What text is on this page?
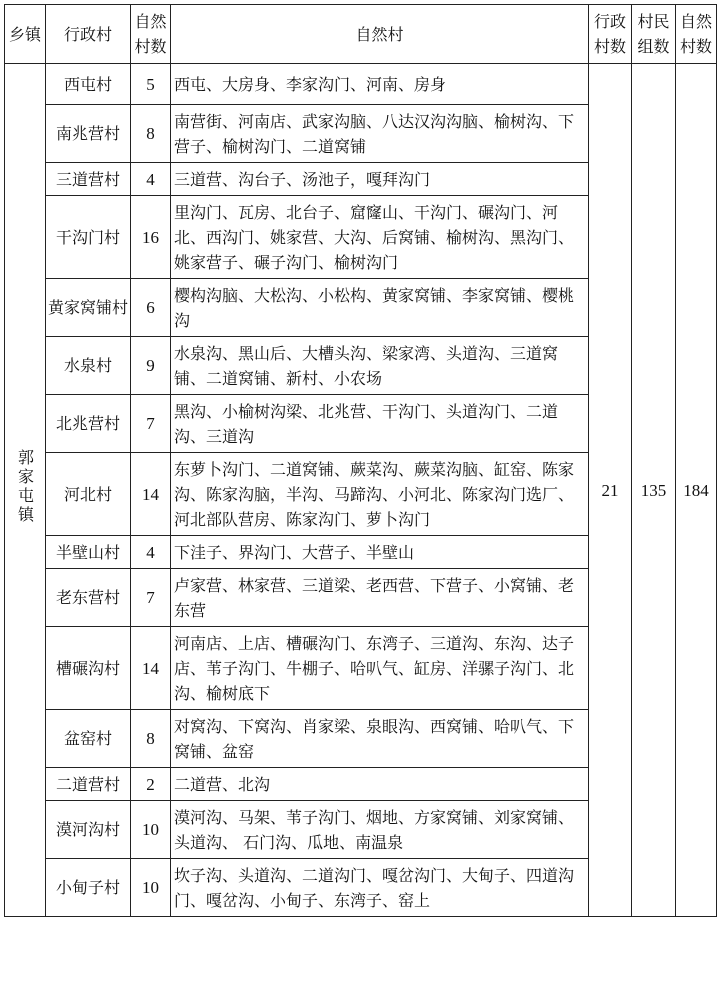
乡镇	行政村	自然村数	自然村	行政村数	村民组数	自然村数
郭家屯镇	西屯村	5	西屯、大房身、李家沟门、河南、房身	21	135	184
	南兆营村	8	南营街、河南店、武家沟脑、八达汉沟沟脑、榆树沟、下营子、榆树沟门、二道窝铺			
	三道营村	4	三道营、沟台子、汤池子，嘎拜沟门			
	干沟门村	16	里沟门、瓦房、北台子、窟窿山、干沟门、碾沟门、河北、西沟门、姚家营、大沟、后窝铺、榆树沟、黑沟门、姚家营子、碾子沟门、榆树沟门			
	黄家窝铺村	6	樱构沟脑、大松沟、小松构、黄家窝铺、李家窝铺、樱桃沟			
	水泉村	9	水泉沟、黑山后、大槽头沟、梁家湾、头道沟、三道窝铺、二道窝铺、新村、小农场			
	北兆营村	7	黑沟、小榆树沟梁、北兆营、干沟门、头道沟门、二道沟、三道沟			
	河北村	14	东萝卜沟门、二道窝铺、蕨菜沟、蕨菜沟脑、缸窑、陈家沟、陈家沟脑，半沟、马蹄沟、小河北、陈家沟门选厂、河北部队营房、陈家沟门、萝卜沟门			
	半壁山村	4	下洼子、界沟门、大营子、半壁山			
	老东营村	7	卢家营、林家营、三道梁、老西营、下营子、小窝铺、老东营			
	槽碾沟村	14	河南店、上店、槽碾沟门、东湾子、三道沟、东沟、达子店、苇子沟门、牛棚子、哈叭气、缸房、洋骡子沟门、北沟、榆树底下			
	盆窑村	8	对窝沟、下窝沟、肖家梁、泉眼沟、西窝铺、哈叭气、下窝铺、盆窑			
	二道营村	2	二道营、北沟			
	漠河沟村	10	漠河沟、马架、苇子沟门、烟地、方家窝铺、刘家窝铺、头道沟、 石门沟、瓜地、南温泉			
	小甸子村	10	坎子沟、头道沟、二道沟门、嘎岔沟门、大甸子、四道沟门、嘎岔沟、小甸子、东湾子、窑上			
